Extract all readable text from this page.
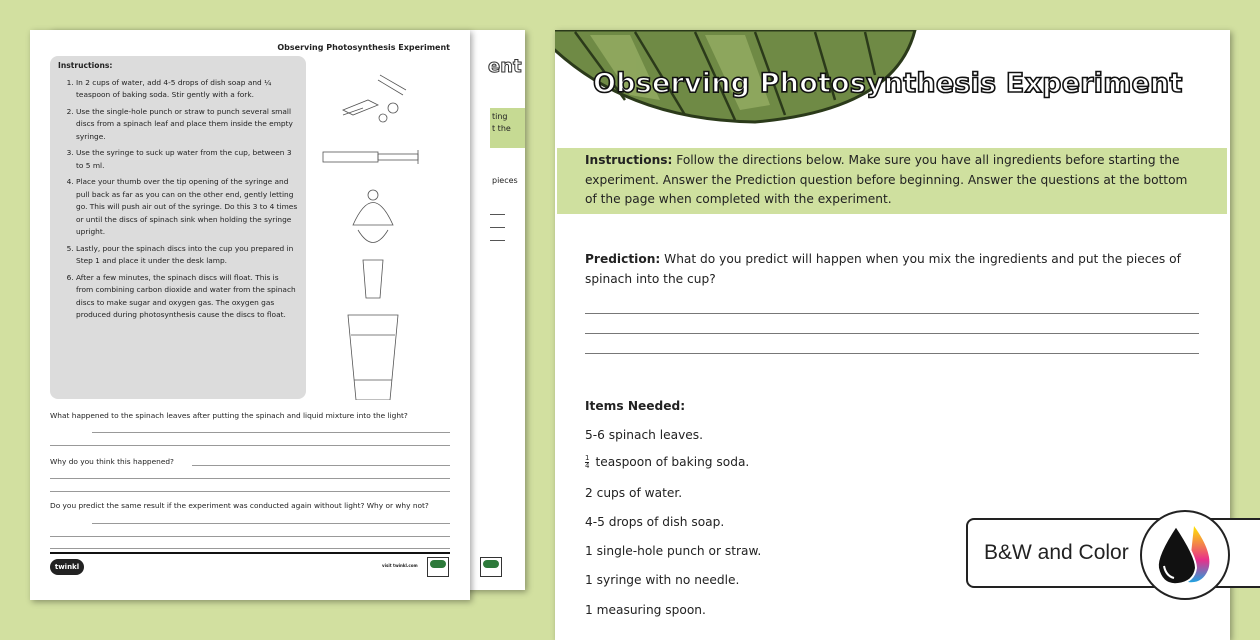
ent
ting
t the
pieces
Observing Photosynthesis Experiment
Instructions:
1. In 2 cups of water, add 4-5 drops of dish soap and ¼ teaspoon of baking soda. Stir gently with a fork.
2. Use the single-hole punch or straw to punch several small discs from a spinach leaf and place them inside the empty syringe.
3. Use the syringe to suck up water from the cup, between 3 to 5 ml.
4. Place your thumb over the tip opening of the syringe and pull back as far as you can on the other end, gently letting go. This will push air out of the syringe. Do this 3 to 4 times or until the discs of spinach sink when holding the syringe upright.
5. Lastly, pour the spinach discs into the cup you prepared in Step 1 and place it under the desk lamp.
6. After a few minutes, the spinach discs will float. This is from combining carbon dioxide and water from the spinach discs to make sugar and oxygen gas. The oxygen gas produced during photosynthesis cause the discs to float.
What happened to the spinach leaves after putting the spinach and liquid mixture into the light?
Why do you think this happened?
Do you predict the same result if the experiment was conducted again without light? Why or why not?
twinkl	visit twinkl.com
Observing Photosynthesis Experiment
Instructions: Follow the directions below. Make sure you have all ingredients before starting the experiment. Answer the Prediction question before beginning. Answer the questions at the bottom of the page when completed with the experiment.
Prediction: What do you predict will happen when you mix the ingredients and put the pieces of spinach into the cup?
Items Needed:
5-6 spinach leaves.
$\frac{1}{4}$ teaspoon of baking soda.
2 cups of water.
4-5 drops of dish soap.
1 single-hole punch or straw.
1 syringe with no needle.
1 measuring spoon.
B&W and Color
